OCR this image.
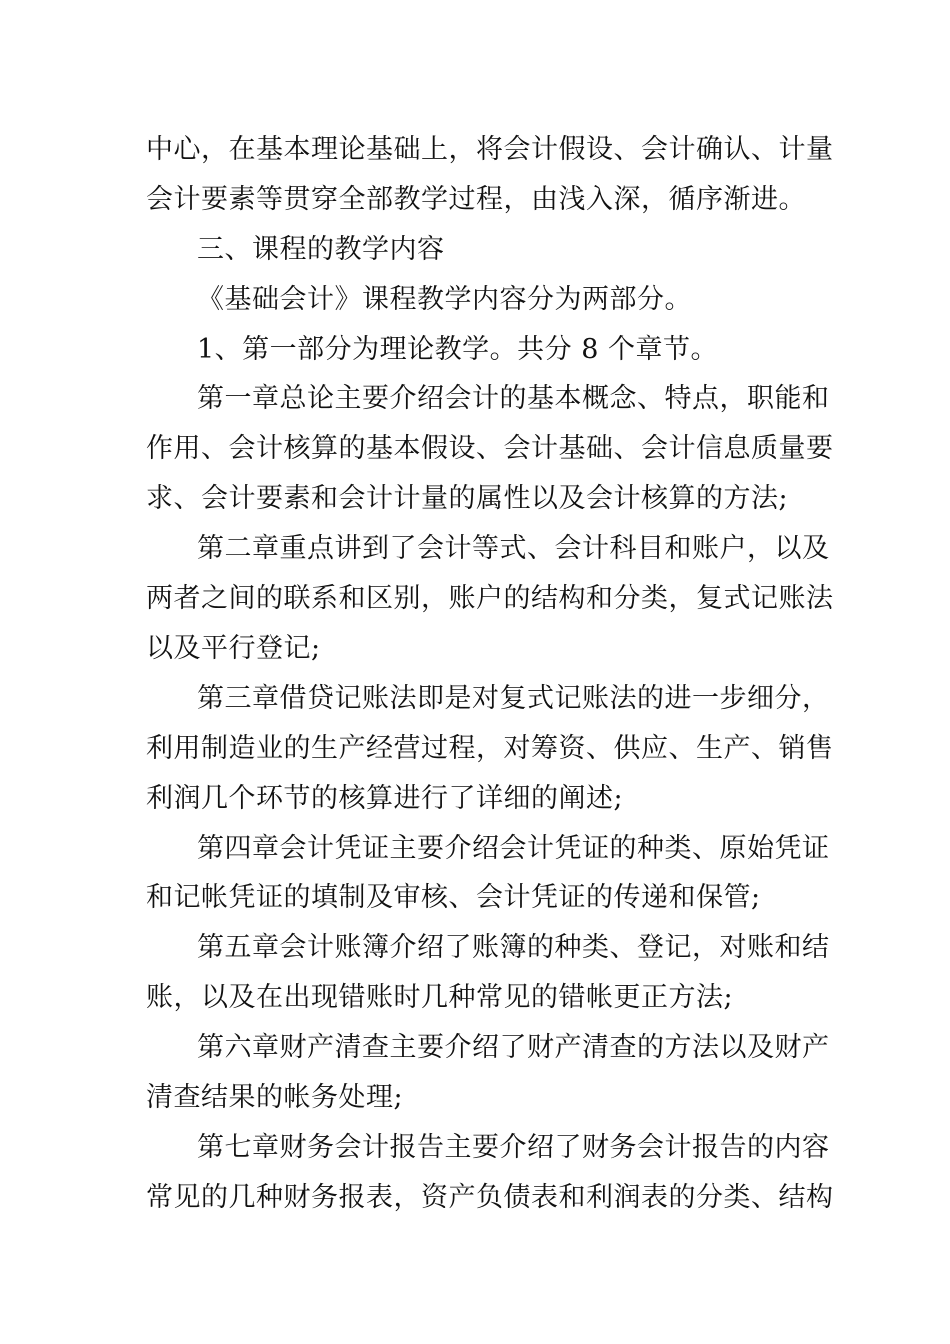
中心，在基本理论基础上，将会计假设、会计确认、计量
会计要素等贯穿全部教学过程，由浅入深，循序渐进。
三、课程的教学内容
《基础会计》课程教学内容分为两部分。
1、第一部分为理论教学。共分 8 个章节。
第一章总论主要介绍会计的基本概念、特点，职能和
作用、会计核算的基本假设、会计基础、会计信息质量要
求、会计要素和会计计量的属性以及会计核算的方法;
第二章重点讲到了会计等式、会计科目和账户，以及
两者之间的联系和区别，账户的结构和分类，复式记账法
以及平行登记;
第三章借贷记账法即是对复式记账法的进一步细分，
利用制造业的生产经营过程，对筹资、供应、生产、销售
利润几个环节的核算进行了详细的阐述;
第四章会计凭证主要介绍会计凭证的种类、原始凭证
和记帐凭证的填制及审核、会计凭证的传递和保管;
第五章会计账簿介绍了账簿的种类、登记，对账和结
账，以及在出现错账时几种常见的错帐更正方法;
第六章财产清查主要介绍了财产清查的方法以及财产
清查结果的帐务处理;
第七章财务会计报告主要介绍了财务会计报告的内容
常见的几种财务报表，资产负债表和利润表的分类、结构
